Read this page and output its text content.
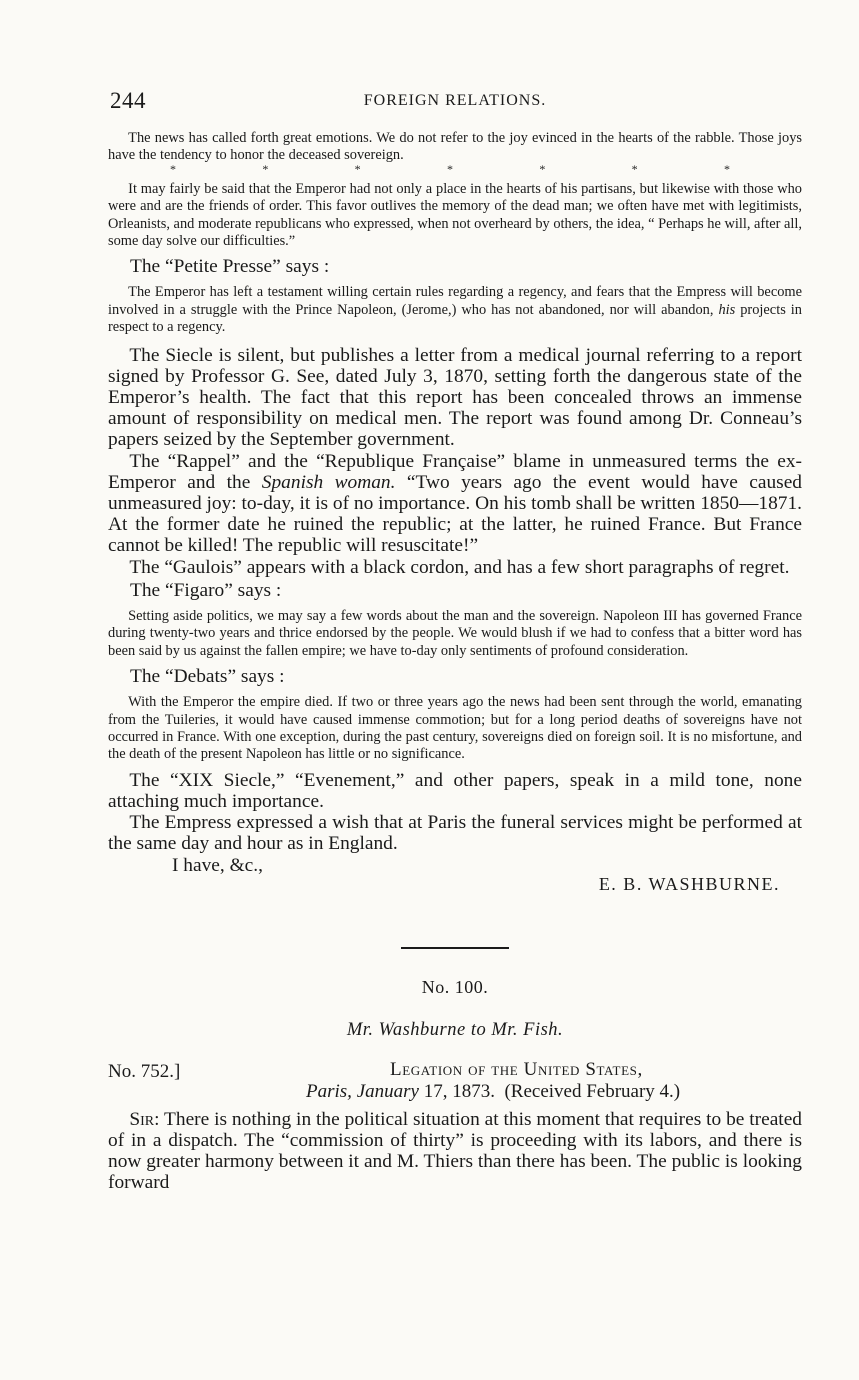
244	FOREIGN RELATIONS.

The news has called forth great emotions. We do not refer to the joy evinced in the hearts of the rabble. Those joys have the tendency to honor the deceased sovereign.

*	*	*	*	*	*	*

It may fairly be said that the Emperor had not only a place in the hearts of his partisans, but likewise with those who were and are the friends of order. This favor outlives the memory of the dead man; we often have met with legitimists, Orleanists, and moderate republicans who expressed, when not overheard by others, the idea, “ Perhaps he will, after all, some day solve our difficulties.”

The “Petite Presse” says :

The Emperor has left a testament willing certain rules regarding a regency, and fears that the Empress will become involved in a struggle with the Prince Napoleon, (Jerome,) who has not abandoned, nor will abandon, his projects in respect to a regency.

The Siecle is silent, but publishes a letter from a medical journal referring to a report signed by Professor G. See, dated July 3, 1870, setting forth the dangerous state of the Emperor’s health. The fact that this report has been concealed throws an immense amount of responsibility on medical men. The report was found among Dr. Conneau’s papers seized by the September government.

The “Rappel” and the “Republique Française” blame in unmeasured terms the ex-Emperor and the Spanish woman. “Two years ago the event would have caused unmeasured joy: to-day, it is of no importance. On his tomb shall be written 1850—1871. At the former date he ruined the republic; at the latter, he ruined France. But France cannot be killed! The republic will resuscitate!”

The “Gaulois” appears with a black cordon, and has a few short paragraphs of regret.

The “Figaro” says :

Setting aside politics, we may say a few words about the man and the sovereign. Napoleon III has governed France during twenty-two years and thrice endorsed by the people. We would blush if we had to confess that a bitter word has been said by us against the fallen empire; we have to-day only sentiments of profound consideration.

The “Debats” says :

With the Emperor the empire died. If two or three years ago the news had been sent through the world, emanating from the Tuileries, it would have caused immense commotion; but for a long period deaths of sovereigns have not occurred in France. With one exception, during the past century, sovereigns died on foreign soil. It is no misfortune, and the death of the present Napoleon has little or no significance.

The “XIX Siecle,” “Evenement,” and other papers, speak in a mild tone, none attaching much importance.

The Empress expressed a wish that at Paris the funeral services might be performed at the same day and hour as in England.

I have, &c.,

E. B. WASHBURNE.

No. 100.

Mr. Washburne to Mr. Fish.

No. 752.]	Legation of the United States,
Paris, January 17, 1873. (Received February 4.)

Sir: There is nothing in the political situation at this moment that requires to be treated of in a dispatch. The “commission of thirty” is proceeding with its labors, and there is now greater harmony between it and M. Thiers than there has been. The public is looking forward
